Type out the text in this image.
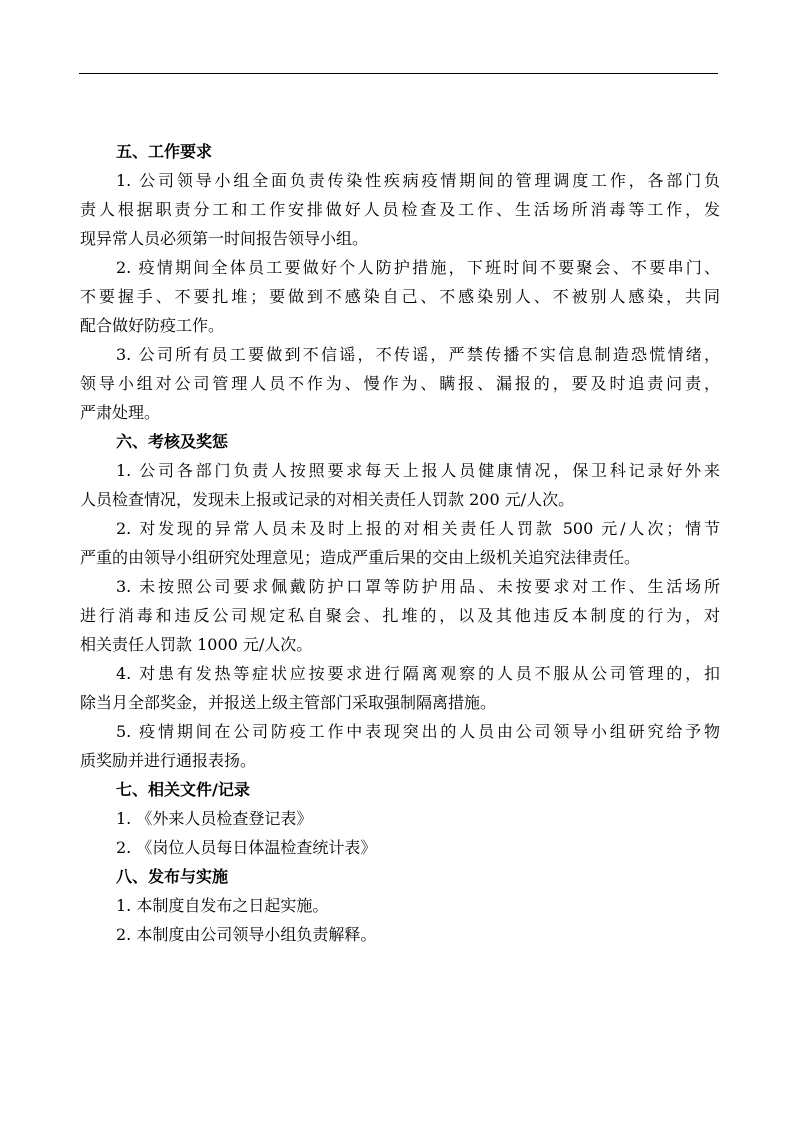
五、工作要求
1. 公司领导小组全面负责传染性疾病疫情期间的管理调度工作，各部门负
责人根据职责分工和工作安排做好人员检查及工作、生活场所消毒等工作，发
现异常人员必须第一时间报告领导小组。
2. 疫情期间全体员工要做好个人防护措施，下班时间不要聚会、不要串门、
不要握手、不要扎堆；要做到不感染自己、不感染别人、不被别人感染，共同
配合做好防疫工作。
3. 公司所有员工要做到不信谣，不传谣，严禁传播不实信息制造恐慌情绪，
领导小组对公司管理人员不作为、慢作为、瞒报、漏报的，要及时追责问责，
严肃处理。
六、考核及奖惩
1. 公司各部门负责人按照要求每天上报人员健康情况，保卫科记录好外来
人员检查情况，发现未上报或记录的对相关责任人罚款 200 元/人次。
2. 对发现的异常人员未及时上报的对相关责任人罚款 500 元/人次；情节
严重的由领导小组研究处理意见；造成严重后果的交由上级机关追究法律责任。
3. 未按照公司要求佩戴防护口罩等防护用品、未按要求对工作、生活场所
进行消毒和违反公司规定私自聚会、扎堆的，以及其他违反本制度的行为，对
相关责任人罚款 1000 元/人次。
4. 对患有发热等症状应按要求进行隔离观察的人员不服从公司管理的，扣
除当月全部奖金，并报送上级主管部门采取强制隔离措施。
5. 疫情期间在公司防疫工作中表现突出的人员由公司领导小组研究给予物
质奖励并进行通报表扬。
七、相关文件/记录
1. 《外来人员检查登记表》
2. 《岗位人员每日体温检查统计表》
八、发布与实施
1. 本制度自发布之日起实施。
2. 本制度由公司领导小组负责解释。
